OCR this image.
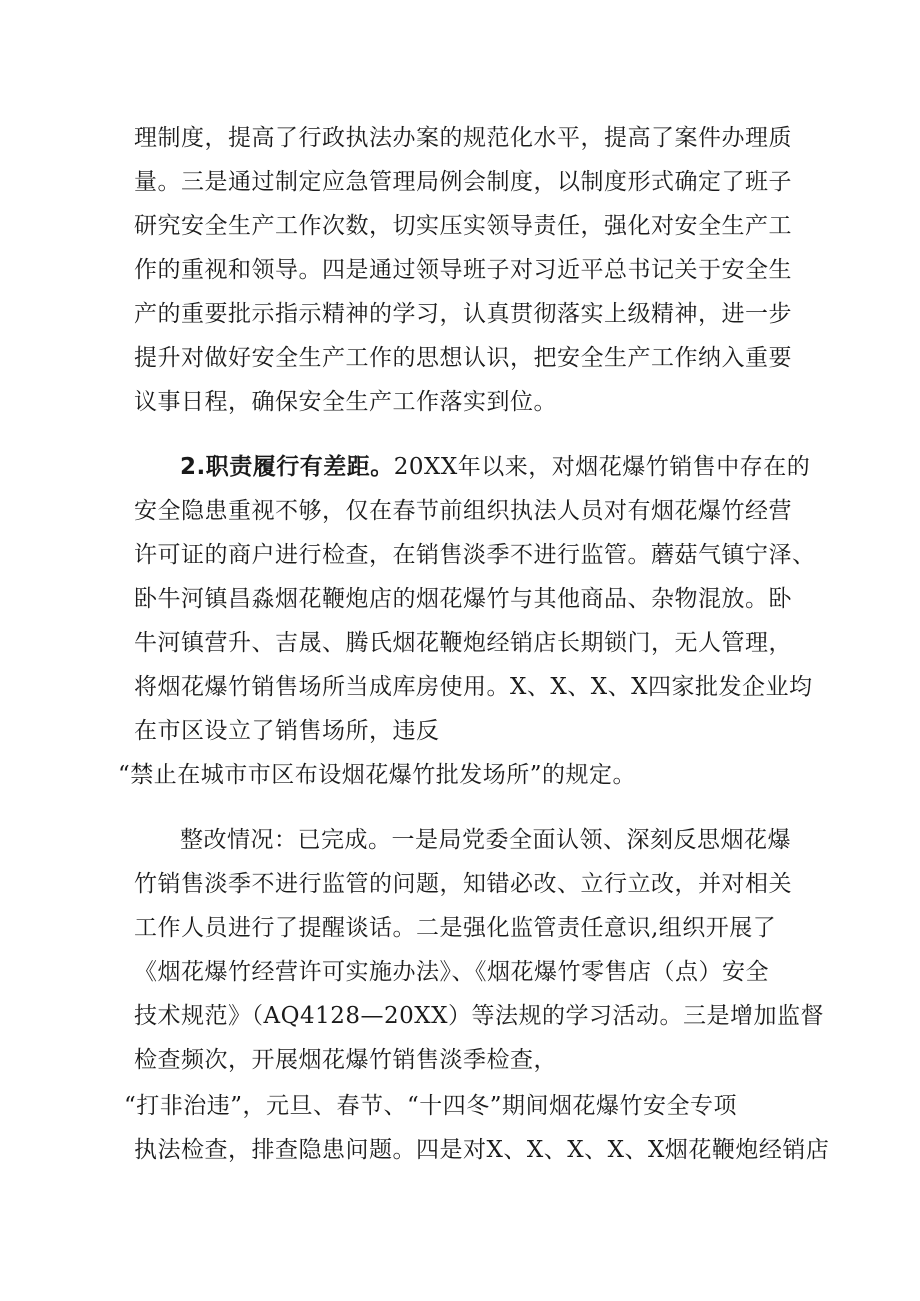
理制度，提高了行政执法办案的规范化水平，提高了案件办理质
量。三是通过制定应急管理局例会制度，以制度形式确定了班子
研究安全生产工作次数，切实压实领导责任，强化对安全生产工
作的重视和领导。四是通过领导班子对习近平总书记关于安全生
产的重要批示指示精神的学习，认真贯彻落实上级精神，进一步
提升对做好安全生产工作的思想认识，把安全生产工作纳入重要
议事日程，确保安全生产工作落实到位。
2.职责履行有差距。20XX年以来，对烟花爆竹销售中存在的
安全隐患重视不够，仅在春节前组织执法人员对有烟花爆竹经营
许可证的商户进行检查，在销售淡季不进行监管。蘑菇气镇宁泽、
卧牛河镇昌淼烟花鞭炮店的烟花爆竹与其他商品、杂物混放。卧
牛河镇营升、吉晟、腾氏烟花鞭炮经销店长期锁门，无人管理，
将烟花爆竹销售场所当成库房使用。X、X、X、X四家批发企业均
在市区设立了销售场所，违反
“禁止在城市市区布设烟花爆竹批发场所”的规定。
整改情况：已完成。一是局党委全面认领、深刻反思烟花爆
竹销售淡季不进行监管的问题，知错必改、立行立改，并对相关
工作人员进行了提醒谈话。二是强化监管责任意识,组织开展了
《烟花爆竹经营许可实施办法》、《烟花爆竹零售店（点）安全
技术规范》（AQ4128—20XX）等法规的学习活动。三是增加监督
检查频次，开展烟花爆竹销售淡季检查，
“打非治违”，元旦、春节、“十四冬”期间烟花爆竹安全专项
执法检查，排查隐患问题。四是对X、X、X、X、X烟花鞭炮经销店
